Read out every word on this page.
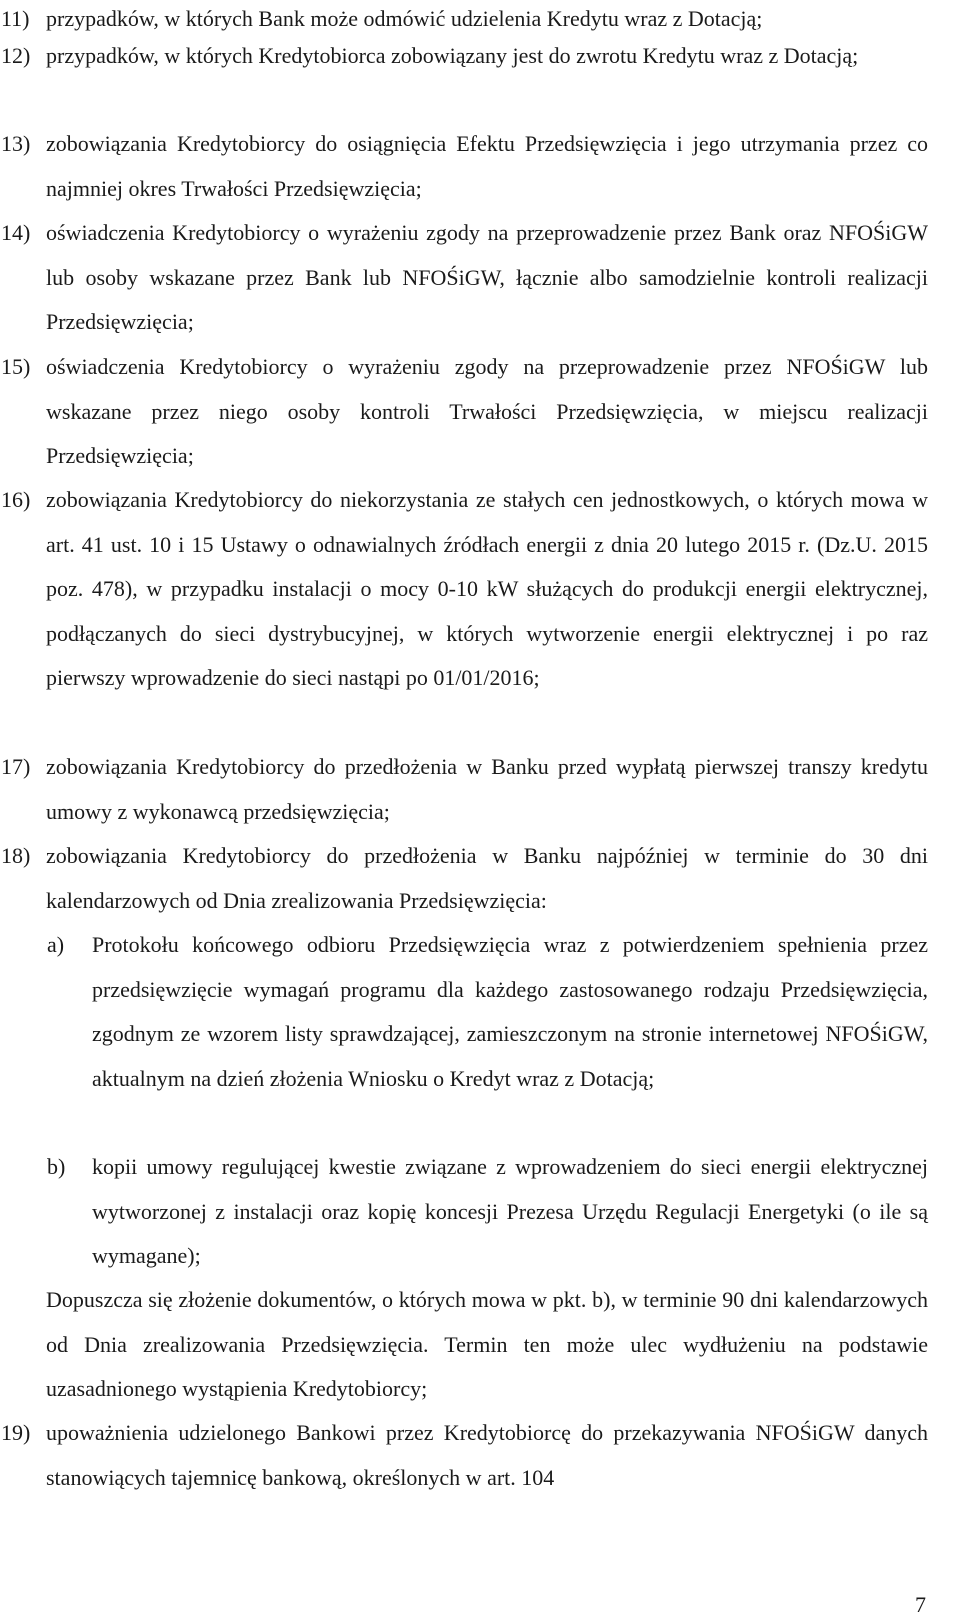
11) przypadków, w których Bank może odmówić udzielenia Kredytu wraz z Dotacją;
12) przypadków, w których Kredytobiorca zobowiązany jest do zwrotu Kredytu wraz z Dotacją;
13) zobowiązania Kredytobiorcy do osiągnięcia Efektu Przedsięwzięcia i jego utrzymania przez co najmniej okres Trwałości Przedsięwzięcia;
14) oświadczenia Kredytobiorcy o wyrażeniu zgody na przeprowadzenie przez Bank oraz NFOŚiGW lub osoby wskazane przez Bank lub NFOŚiGW, łącznie albo samodzielnie kontroli realizacji Przedsięwzięcia;
15) oświadczenia Kredytobiorcy o wyrażeniu zgody na przeprowadzenie przez NFOŚiGW lub wskazane przez niego osoby kontroli Trwałości Przedsięwzięcia, w miejscu realizacji Przedsięwzięcia;
16) zobowiązania Kredytobiorcy do niekorzystania ze stałych cen jednostkowych, o których mowa w art. 41 ust. 10 i 15 Ustawy o odnawialnych źródłach energii z dnia 20 lutego 2015 r. (Dz.U. 2015 poz. 478), w przypadku instalacji o mocy 0-10 kW służących do produkcji energii elektrycznej, podłączanych do sieci dystrybucyjnej, w których wytworzenie energii elektrycznej i po raz pierwszy wprowadzenie do sieci nastąpi po 01/01/2016;
17) zobowiązania Kredytobiorcy do przedłożenia w Banku przed wypłatą pierwszej transzy kredytu umowy z wykonawcą przedsięwzięcia;
18) zobowiązania Kredytobiorcy do przedłożenia w Banku najpóźniej w terminie do 30 dni kalendarzowych od Dnia zrealizowania Przedsięwzięcia:
a)	Protokołu końcowego odbioru Przedsięwzięcia wraz z potwierdzeniem spełnienia przez przedsięwzięcie wymagań programu dla każdego zastosowanego rodzaju Przedsięwzięcia, zgodnym ze wzorem listy sprawdzającej, zamieszczonym na stronie internetowej NFOŚiGW, aktualnym na dzień złożenia Wniosku o Kredyt wraz z Dotacją;
b)	kopii umowy regulującej kwestie związane z wprowadzeniem do sieci energii elektrycznej wytworzonej z instalacji oraz kopię koncesji Prezesa Urzędu Regulacji Energetyki (o ile są wymagane);
Dopuszcza się złożenie dokumentów, o których mowa w pkt. b), w terminie 90 dni kalendarzowych od Dnia zrealizowania Przedsięwzięcia. Termin ten może ulec wydłużeniu na podstawie uzasadnionego wystąpienia Kredytobiorcy;
19) upoważnienia udzielonego Bankowi przez Kredytobiorcę do przekazywania NFOŚiGW danych stanowiących tajemnicę bankową, określonych w art. 104
7
